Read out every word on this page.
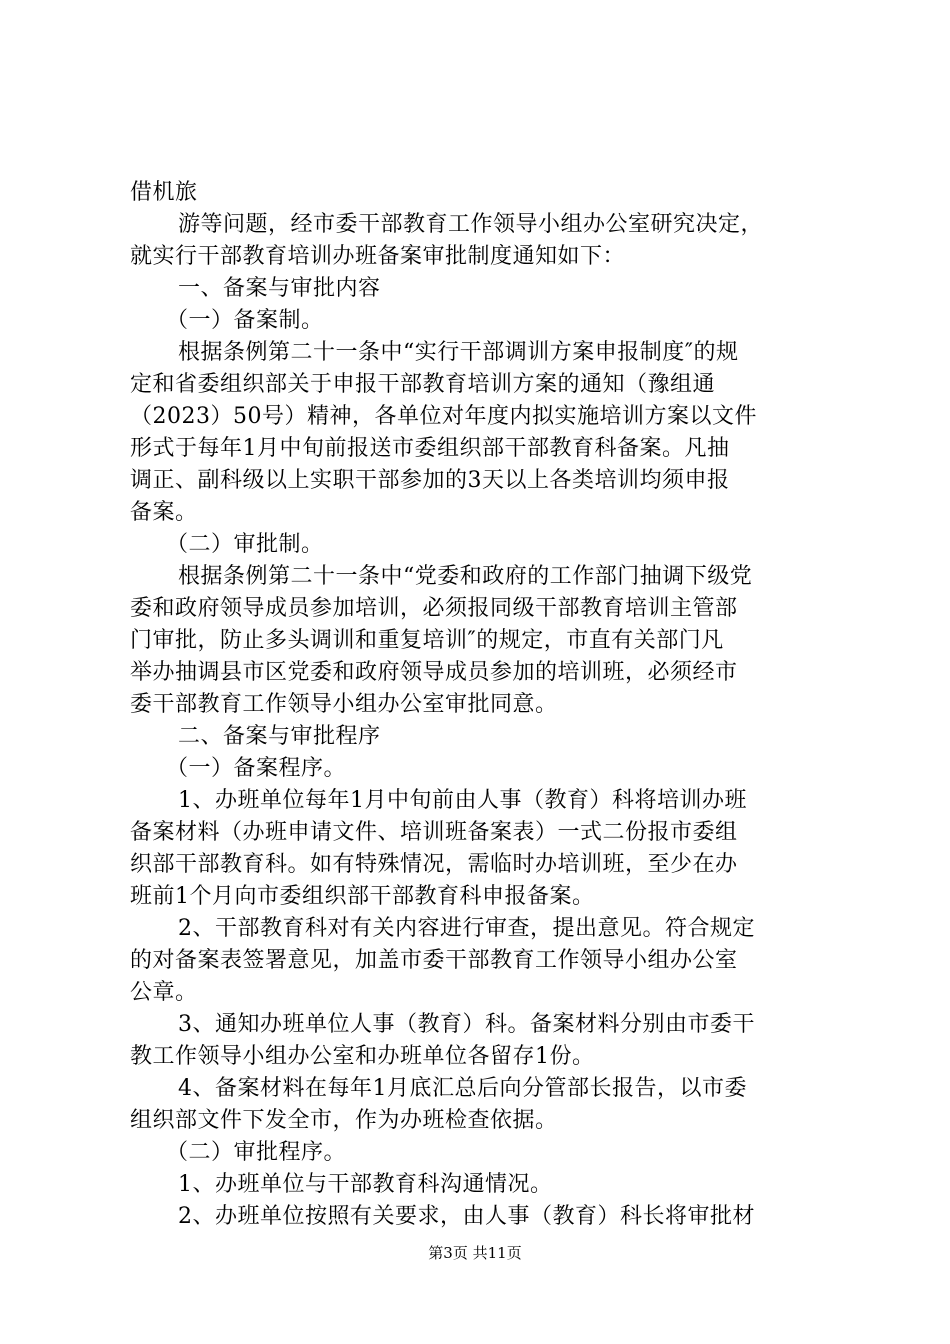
借机旅
游等问题，经市委干部教育工作领导小组办公室研究决定，
就实行干部教育培训办班备案审批制度通知如下：
一、备案与审批内容
（一）备案制。
根据条例第二十一条中“实行干部调训方案申报制度″的规
定和省委组织部关于申报干部教育培训方案的通知（豫组通
（2023）50号）精神，各单位对年度内拟实施培训方案以文件
形式于每年1月中旬前报送市委组织部干部教育科备案。凡抽
调正、副科级以上实职干部参加的3天以上各类培训均须申报
备案。
（二）审批制。
根据条例第二十一条中“党委和政府的工作部门抽调下级党
委和政府领导成员参加培训，必须报同级干部教育培训主管部
门审批，防止多头调训和重复培训″的规定，市直有关部门凡
举办抽调县市区党委和政府领导成员参加的培训班，必须经市
委干部教育工作领导小组办公室审批同意。
二、备案与审批程序
（一）备案程序。
1、办班单位每年1月中旬前由人事（教育）科将培训办班
备案材料（办班申请文件、培训班备案表）一式二份报市委组
织部干部教育科。如有特殊情况，需临时办培训班，至少在办
班前1个月向市委组织部干部教育科申报备案。
2、干部教育科对有关内容进行审查，提出意见。符合规定
的对备案表签署意见，加盖市委干部教育工作领导小组办公室
公章。
3、通知办班单位人事（教育）科。备案材料分别由市委干
教工作领导小组办公室和办班单位各留存1份。
4、备案材料在每年1月底汇总后向分管部长报告，以市委
组织部文件下发全市，作为办班检查依据。
（二）审批程序。
1、办班单位与干部教育科沟通情况。
2、办班单位按照有关要求，由人事（教育）科长将审批材
第3页 共11页
